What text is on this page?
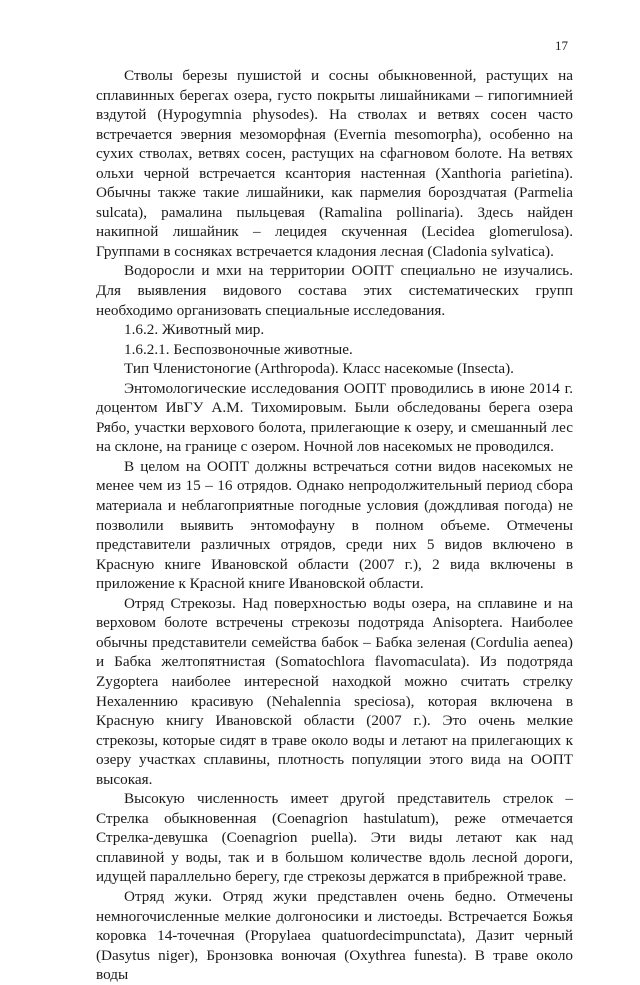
17

Стволы березы пушистой и сосны обыкновенной, растущих на сплавинных берегах озера, густо покрыты лишайниками – гипогимнией вздутой (Hypogymnia physodes). На стволах и ветвях сосен часто встречается эверния мезоморфная (Evernia mesomorpha), особенно на сухих стволах, ветвях сосен, растущих на сфагновом болоте. На ветвях ольхи черной встречается ксантория настенная (Xanthoria parietina). Обычны также такие лишайники, как пармелия бороздчатая (Parmelia sulcata), рамалина пыльцевая (Ramalina pollinaria). Здесь найден накипной лишайник – лецидея скученная (Lecidea glomerulosa). Группами в сосняках встречается кладония лесная (Cladonia sylvatica).

Водоросли и мхи на территории ООПТ специально не изучались. Для выявления видового состава этих систематических групп необходимо организовать специальные исследования.

1.6.2. Животный мир.

1.6.2.1. Беспозвоночные животные.

Тип Членистоногие (Arthropoda). Класс насекомые (Insecta).

Энтомологические исследования ООПТ проводились в июне 2014 г. доцентом ИвГУ А.М. Тихомировым. Были обследованы берега озера Рябо, участки верхового болота, прилегающие к озеру, и смешанный лес на склоне, на границе с озером. Ночной лов насекомых не проводился.

В целом на ООПТ должны встречаться сотни видов насекомых не менее чем из 15 – 16 отрядов. Однако непродолжительный период сбора материала и неблагоприятные погодные условия (дождливая погода) не позволили выявить энтомофауну в полном объеме. Отмечены представители различных отрядов, среди них 5 видов включено в Красную книге Ивановской области (2007 г.), 2 вида включены в приложение к Красной книге Ивановской области.

Отряд Стрекозы. Над поверхностью воды озера, на сплавине и на верховом болоте встречены стрекозы подотряда Anisoptera. Наиболее обычны представители семейства бабок – Бабка зеленая (Cordulia aenea) и Бабка желтопятнистая (Somatochlora flavomaculata). Из подотряда Zygoptera наиболее интересной находкой можно считать стрелку Нехаленнию красивую (Nehalennia speciosa), которая включена в Красную книгу Ивановской области (2007 г.). Это очень мелкие стрекозы, которые сидят в траве около воды и летают на прилегающих к озеру участках сплавины, плотность популяции этого вида на ООПТ высокая.

Высокую численность имеет другой представитель стрелок – Стрелка обыкновенная (Coenagrion hastulatum), реже отмечается Стрелка-девушка (Coenagrion puella). Эти виды летают как над сплавиной у воды, так и в большом количестве вдоль лесной дороги, идущей параллельно берегу, где стрекозы держатся в прибрежной траве.

Отряд жуки. Отряд жуки представлен очень бедно. Отмечены немногочисленные мелкие долгоносики и листоеды. Встречается Божья коровка 14-точечная (Propylaea quatuordecimpunctata), Дазит черный (Dasytus niger), Бронзовка вонючая (Oxythrea funesta). В траве около воды
